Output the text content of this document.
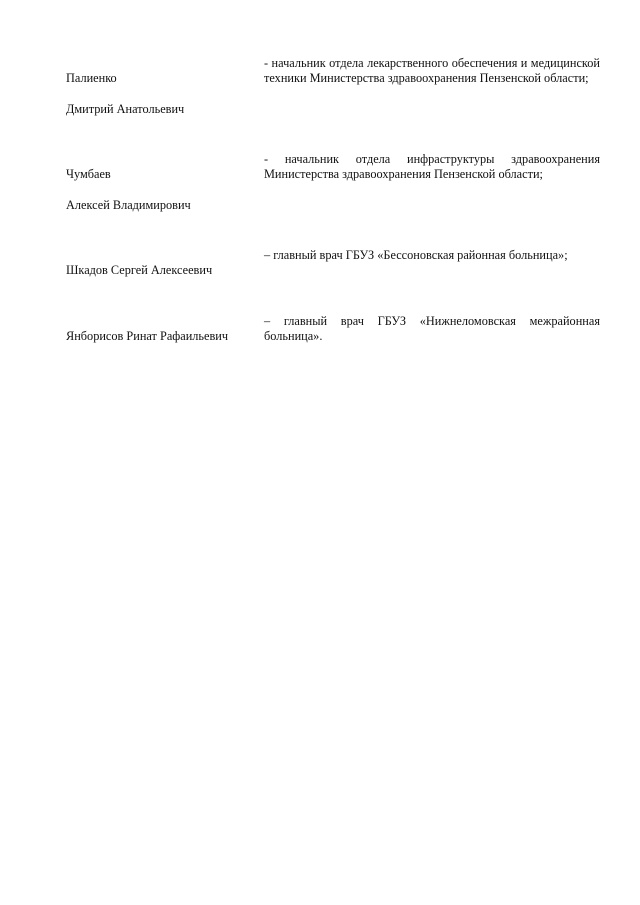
Палиенко

Дмитрий Анатольевич

- начальник отдела лекарственного обеспечения и медицинской техники Министерства здравоохранения Пензенской области;

Чумбаев

Алексей Владимирович

- начальник отдела инфраструктуры здравоохранения Министерства здравоохранения Пензенской области;

Шкадов Сергей Алексеевич

– главный врач ГБУЗ «Бессоновская районная больница»;

Янборисов Ринат Рафаильевич

– главный врач ГБУЗ «Нижнеломовская межрайонная больница».
